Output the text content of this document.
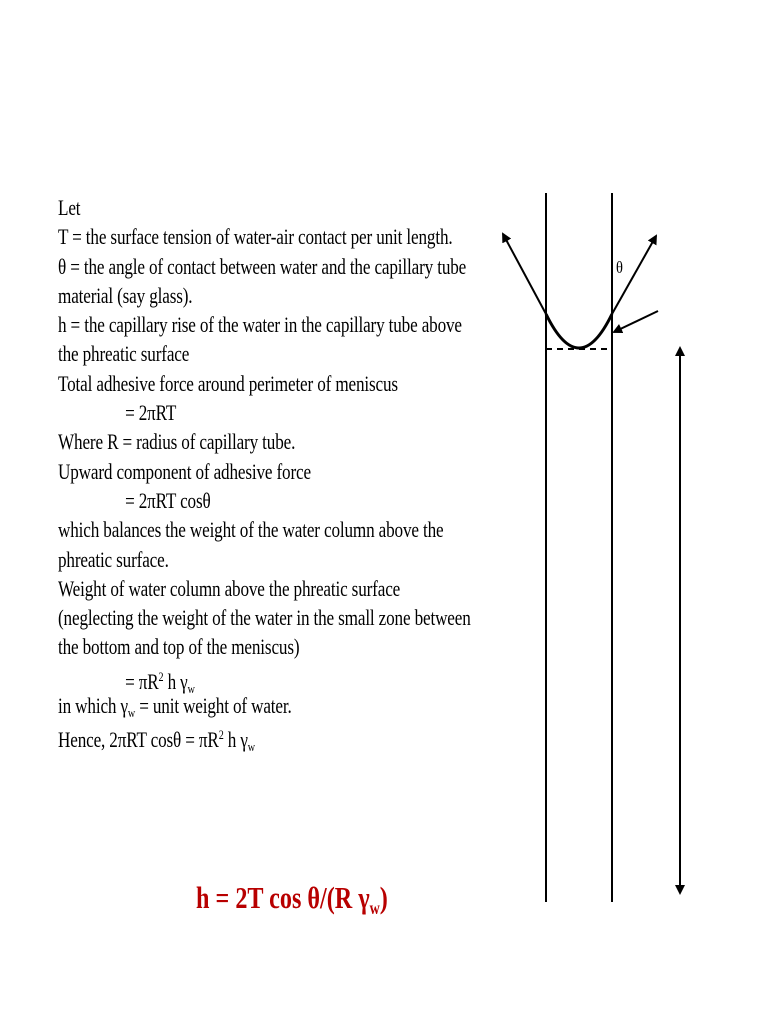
Let
T = the surface tension of water-air contact per unit length.
θ = the angle of contact between water and the capillary tube
material (say glass).
h = the capillary rise of the water in the capillary tube above
the phreatic surface
Total adhesive force around perimeter of meniscus
= 2πRT
Where R = radius of capillary tube.
Upward component of adhesive force
= 2πRT cosθ
which balances the weight of the water column above the
phreatic surface.
Weight of water column above the phreatic surface
(neglecting the weight of the water in the small zone between
the bottom and top of the meniscus)
= $\pi R^2$ h $\gamma_w$
in which $\gamma_w$ = unit weight of water.
Hence, 2πRT $\cos\theta = \pi R^2$ h $\gamma_w$
h = 2T cos θ/(R $\gamma_w$)
θ
